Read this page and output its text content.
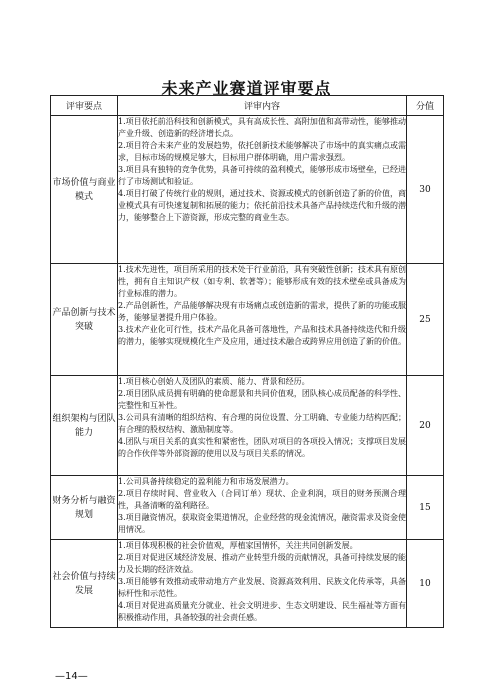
未来产业赛道评审要点
评审要点	评审内容	分值
市场价值与商业模式	1.项目依托前沿科技和创新模式，具有高成长性、高附加值和高带动性，能够推动产业升级、创造新的经济增长点。

2.项目符合未来产业的发展趋势，依托创新技术能够解决了市场中的真实痛点或需求，目标市场的规模足够大，目标用户群体明确，用户需求强烈。

3.项目具有独特的竞争优势，具备可持续的盈利模式，能够形成市场壁垒，已经进行了市场测试和验证。

4.项目打破了传统行业的规则，通过技术、资源或模式的创新创造了新的价值，商业模式具有可快速复制和拓展的能力；依托前沿技术具备产品持续迭代和升级的潜力，能够整合上下游资源，形成完整的商业生态。	30
产品创新与技术突破	1.技术先进性，项目所采用的技术处于行业前沿，具有突破性创新；技术具有原创性，拥有自主知识产权（如专利、软著等）；能够形成有效的技术壁垒或具备成为行业标准的潜力。

2.产品创新性，产品能够解决现有市场痛点或创造新的需求，提供了新的功能或服务，能够显著提升用户体验。

3.技术产业化可行性，技术产品化具备可落地性，产品和技术具备持续迭代和升级的潜力，能够实现规模化生产及应用，通过技术融合或跨界应用创造了新的价值。	25
组织架构与团队能力	1.项目核心创始人及团队的素质、能力、背景和经历。

2.项目团队成员拥有明确的使命愿景和共同价值观，团队核心成员配备的科学性、完整性和互补性。

3.公司具有清晰的组织结构、有合理的岗位设置、分工明确、专业能力结构匹配；有合理的股权结构、激励制度等。

4.团队与项目关系的真实性和紧密性，团队对项目的各项投入情况；支撑项目发展的合作伙伴等外部资源的使用以及与项目关系的情况。	20
财务分析与融资规划	1.公司具备持续稳定的盈利能力和市场发展潜力。

2.项目存续时间、营业收入（合同订单）现状、企业利润，项目的财务预测合理性，具备清晰的盈利路径。

3.项目融资情况，获取资金渠道情况，企业经营的现金流情况，融资需求及资金使用情况。	15
社会价值与持续发展	1.项目体现积极的社会价值观，厚植家国情怀，关注共同创新发展。

2.项目对促进区域经济发展、推动产业转型升级的贡献情况，具备可持续发展的能力及长期的经济效益。

3.项目能够有效推动或带动地方产业发展、资源高效利用、民族文化传承等，具备标杆性和示范性。

4.项目对促进高质量充分就业、社会文明进步、生态文明建设、民生福祉等方面有积极推动作用，具备较强的社会责任感。	10
—14—
